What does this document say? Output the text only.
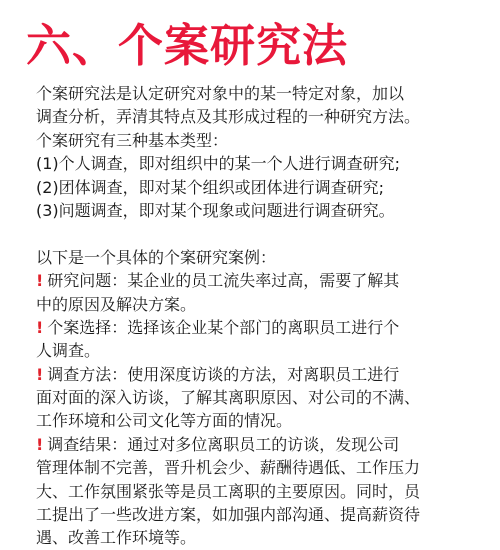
六、个案研究法
个案研究法是认定研究对象中的某一特定对象，加以
调查分析，弄清其特点及其形成过程的一种研究方法。
个案研究有三种基本类型：
(1)个人调查，即对组织中的某一个人进行调查研究;
(2)团体调查，即对某个组织或团体进行调查研究;
(3)问题调查，即对某个现象或问题进行调查研究。
以下是一个具体的个案研究案例：
! 研究问题：某企业的员工流失率过高，需要了解其
中的原因及解决方案。
! 个案选择：选择该企业某个部门的离职员工进行个
人调查。
! 调查方法：使用深度访谈的方法，对离职员工进行
面对面的深入访谈，了解其离职原因、对公司的不满、
工作环境和公司文化等方面的情况。
! 调查结果：通过对多位离职员工的访谈，发现公司
管理体制不完善，晋升机会少、薪酬待遇低、工作压力
大、工作氛围紧张等是员工离职的主要原因。同时，员
工提出了一些改进方案，如加强内部沟通、提高薪资待
遇、改善工作环境等。
